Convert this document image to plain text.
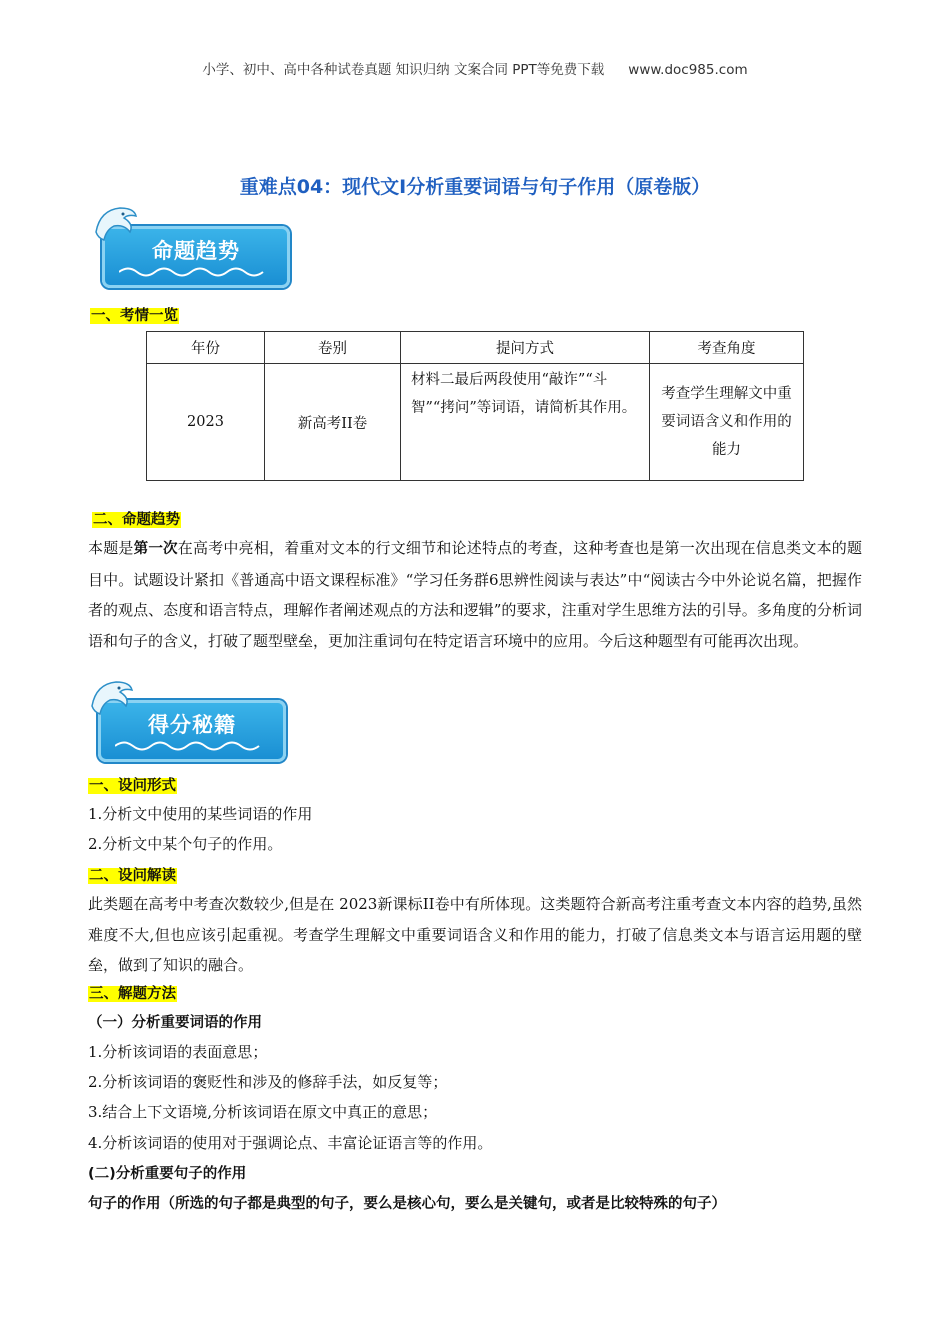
小学、初中、高中各种试卷真题 知识归纳 文案合同 PPT等免费下载 www.doc985.com
重难点04：现代文I分析重要词语与句子作用（原卷版）
命题趋势
一、考情一览
年份	卷别	提问方式	考查角度
2023	新高考II卷	材料二最后两段使用“敲诈”“斗智”“拷问”等词语，请简析其作用。	考查学生理解文中重要词语含义和作用的能力
二、命题趋势
本题是第一次在高考中亮相，着重对文本的行文细节和论述特点的考查，这种考查也是第一次出现在信息类文本的题目中。试题设计紧扣《普通高中语文课程标准》“学习任务群6思辨性阅读与表达”中“阅读古今中外论说名篇，把握作者的观点、态度和语言特点，理解作者阐述观点的方法和逻辑”的要求，注重对学生思维方法的引导。多角度的分析词语和句子的含义，打破了题型壁垒，更加注重词句在特定语言环境中的应用。今后这种题型有可能再次出现。
得分秘籍
一、设问形式
1.分析文中使用的某些词语的作用
2.分析文中某个句子的作用。
二、设问解读
此类题在高考中考查次数较少,但是在 2023新课标II卷中有所体现。这类题符合新高考注重考查文本内容的趋势,虽然难度不大,但也应该引起重视。考查学生理解文中重要词语含义和作用的能力，打破了信息类文本与语言运用题的壁垒，做到了知识的融合。
三、解题方法
（一）分析重要词语的作用
1.分析该词语的表面意思；
2.分析该词语的褒贬性和涉及的修辞手法，如反复等；
3.结合上下文语境,分析该词语在原文中真正的意思；
4.分析该词语的使用对于强调论点、丰富论证语言等的作用。
(二)分析重要句子的作用
句子的作用（所选的句子都是典型的句子，要么是核心句，要么是关键句，或者是比较特殊的句子）
